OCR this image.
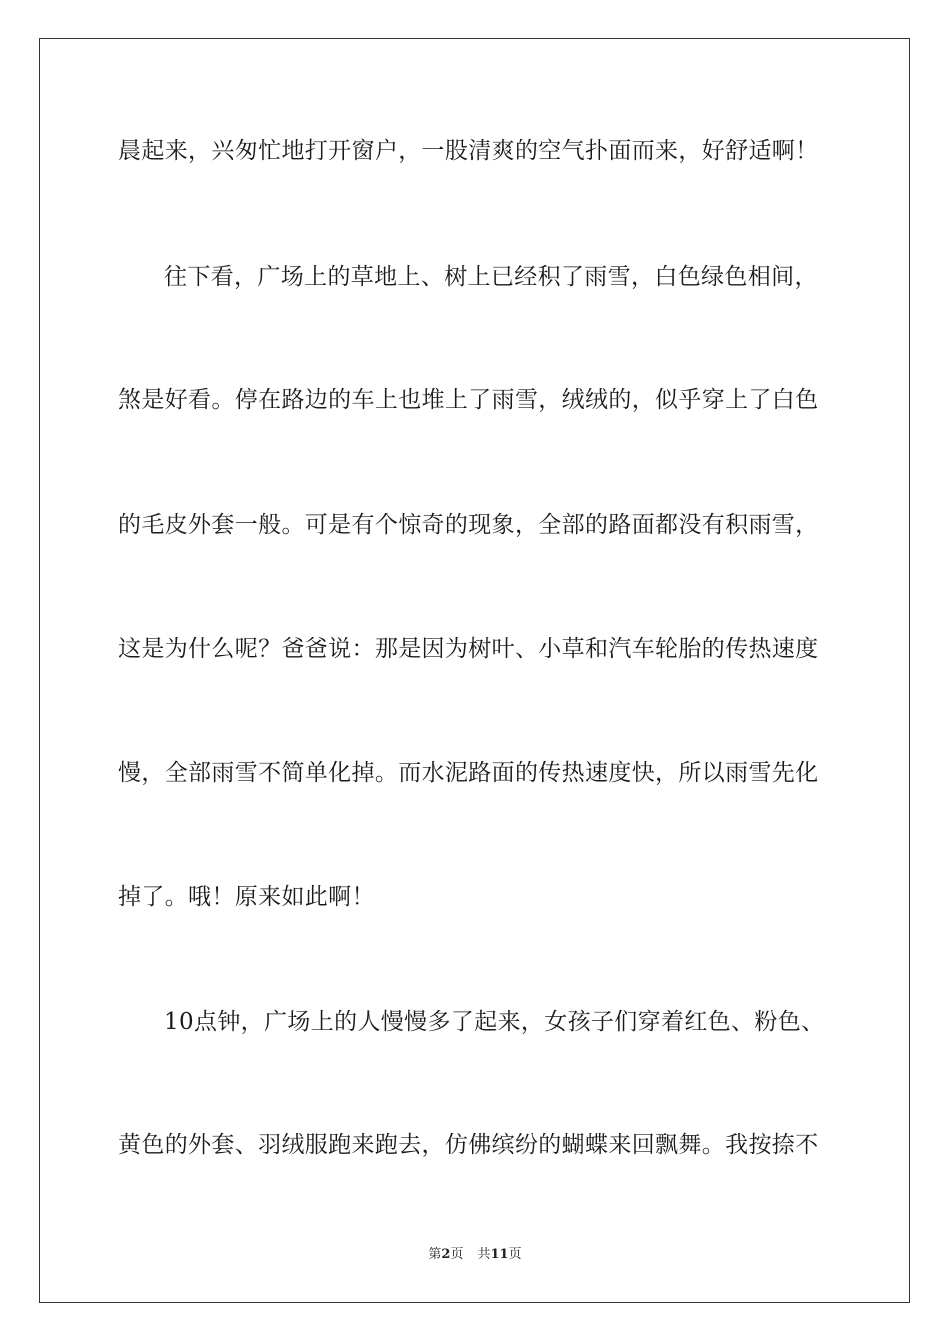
晨起来，兴匆忙地打开窗户，一股清爽的空气扑面而来，好舒适啊！
往下看，广场上的草地上、树上已经积了雨雪，白色绿色相间，
煞是好看。停在路边的车上也堆上了雨雪，绒绒的，似乎穿上了白色
的毛皮外套一般。可是有个惊奇的现象，全部的路面都没有积雨雪，
这是为什么呢？爸爸说：那是因为树叶、小草和汽车轮胎的传热速度
慢，全部雨雪不简单化掉。而水泥路面的传热速度快，所以雨雪先化
掉了。哦！原来如此啊！
10点钟，广场上的人慢慢多了起来，女孩子们穿着红色、粉色、
黄色的外套、羽绒服跑来跑去，仿佛缤纷的蝴蝶来回飘舞。我按捺不
第2页 共11页
